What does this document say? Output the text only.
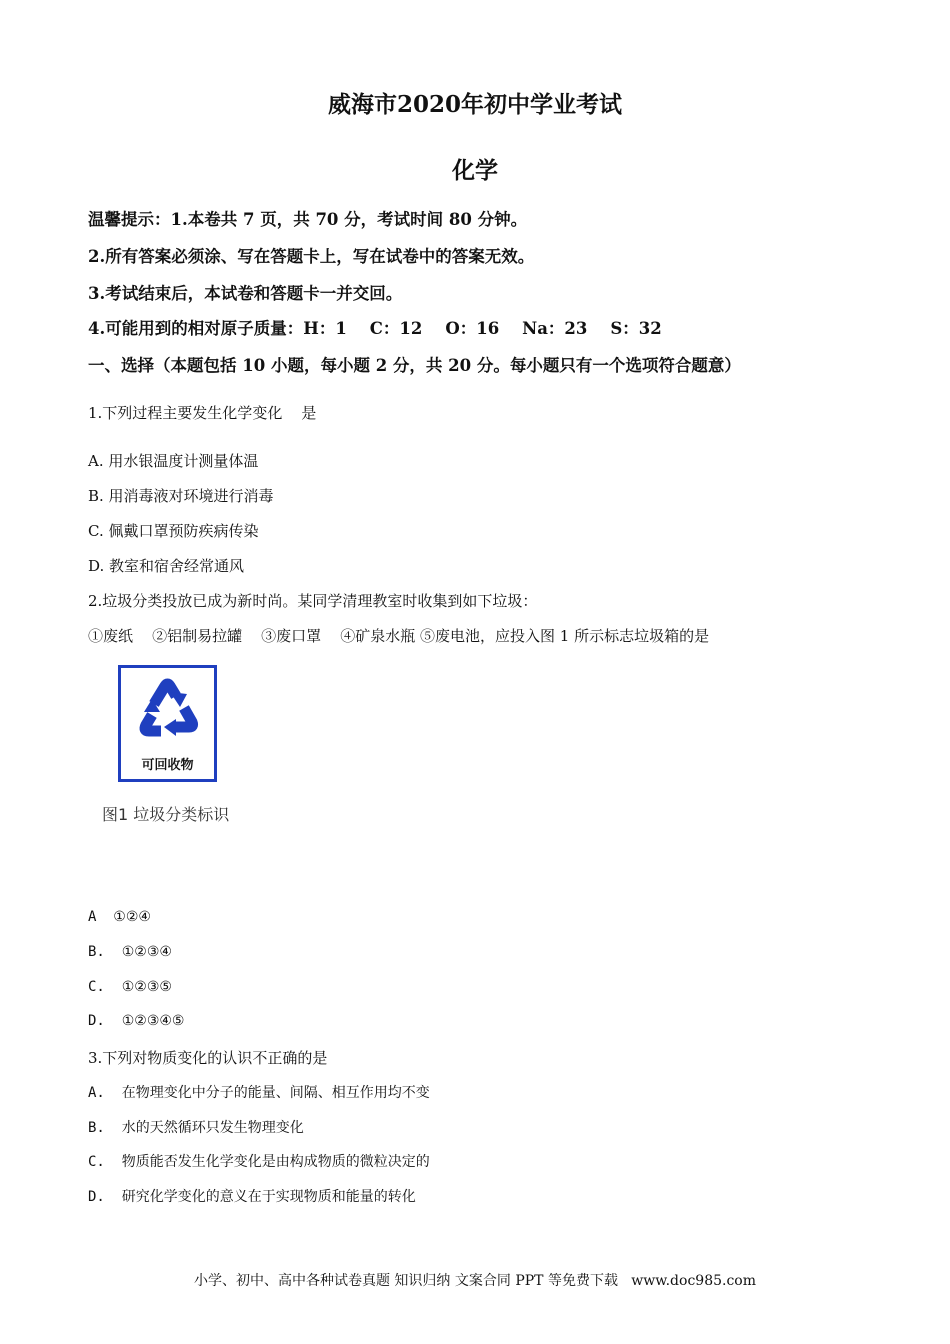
威海市2020年初中学业考试
化学
温馨提示：1.本卷共 7 页，共 70 分，考试时间 80 分钟。
2.所有答案必须涂、写在答题卡上，写在试卷中的答案无效。
3.考试结束后，本试卷和答题卡一并交回。
4.可能用到的相对原子质量：H：1    C：12    O：16    Na：23    S：32
一、选择（本题包括 10 小题，每小题 2 分，共 20 分。每小题只有一个选项符合题意）
1.下列过程主要发生化学变化    是
A. 用水银温度计测量体温
B. 用消毒液对环境进行消毒
C. 佩戴口罩预防疾病传染
D. 教室和宿舍经常通风
2.垃圾分类投放已成为新时尚。某同学清理教室时收集到如下垃圾：
①废纸    ②铝制易拉罐    ③废口罩    ④矿泉水瓶 ⑤废电池，应投入图 1 所示标志垃圾箱的是
可回收物
图1 垃圾分类标识
A  ①②④
B.  ①②③④
C.  ①②③⑤
D.  ①②③④⑤
3.下列对物质变化的认识不正确的是
A.  在物理变化中分子的能量、间隔、相互作用均不变
B.  水的天然循环只发生物理变化
C.  物质能否发生化学变化是由构成物质的微粒决定的
D.  研究化学变化的意义在于实现物质和能量的转化
小学、初中、高中各种试卷真题 知识归纳 文案合同 PPT 等免费下载   www.doc985.com
